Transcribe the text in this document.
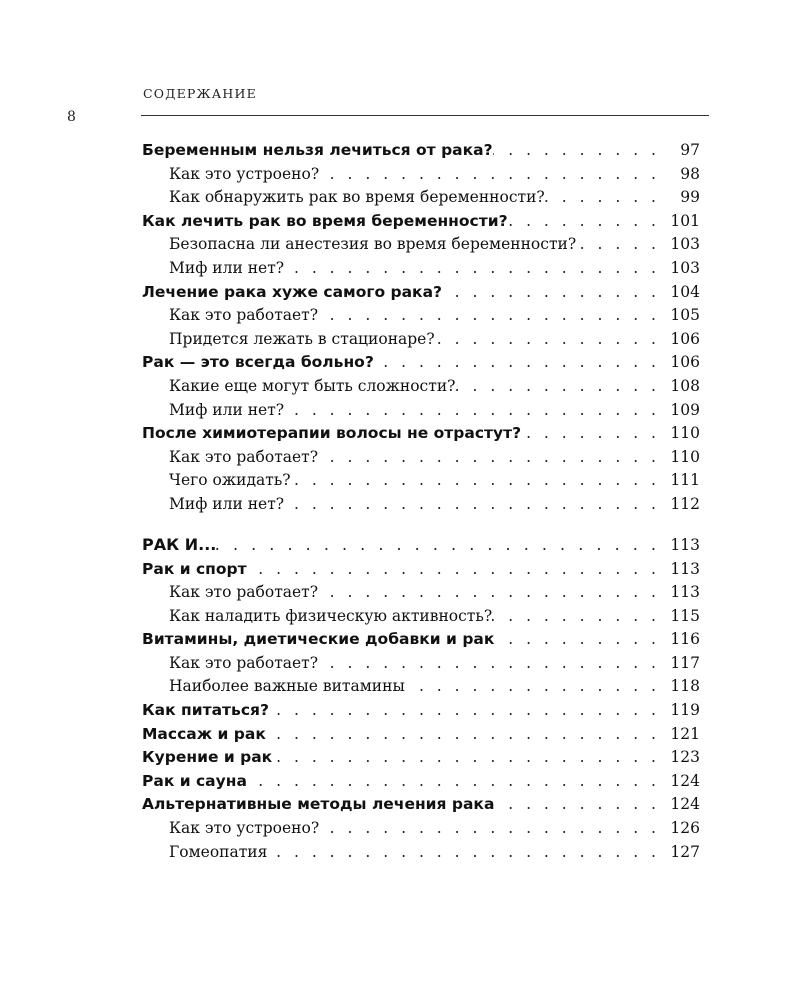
СОДЕРЖАНИЕ
8
Беременным нельзя лечиться от рака? . . .	97
Как это устроено? . . .	98
Как обнаружить рак во время беременности? . . .	99
Как лечить рак во время беременности? . . .	101
Безопасна ли анестезия во время беременности? . . .	103
Миф или нет? . . .	103
Лечение рака хуже самого рака? . . .	104
Как это работает? . . .	105
Придется лежать в стационаре? . . .	106
Рак — это всегда больно? . . .	106
Какие еще могут быть сложности? . . .	108
Миф или нет? . . .	109
После химиотерапии волосы не отрастут? . . .	110
Как это работает? . . .	110
Чего ожидать? . . .	111
Миф или нет? . . .	112
РАК И... . . .	113
Рак и спорт . . .	113
Как это работает? . . .	113
Как наладить физическую активность? . . .	115
Витамины, диетические добавки и рак . . .	116
Как это работает? . . .	117
Наиболее важные витамины . . .	118
Как питаться? . . .	119
Массаж и рак . . .	121
Курение и рак . . .	123
Рак и сауна . . .	124
Альтернативные методы лечения рака . . .	124
Как это устроено? . . .	126
Гомеопатия . . .	127
